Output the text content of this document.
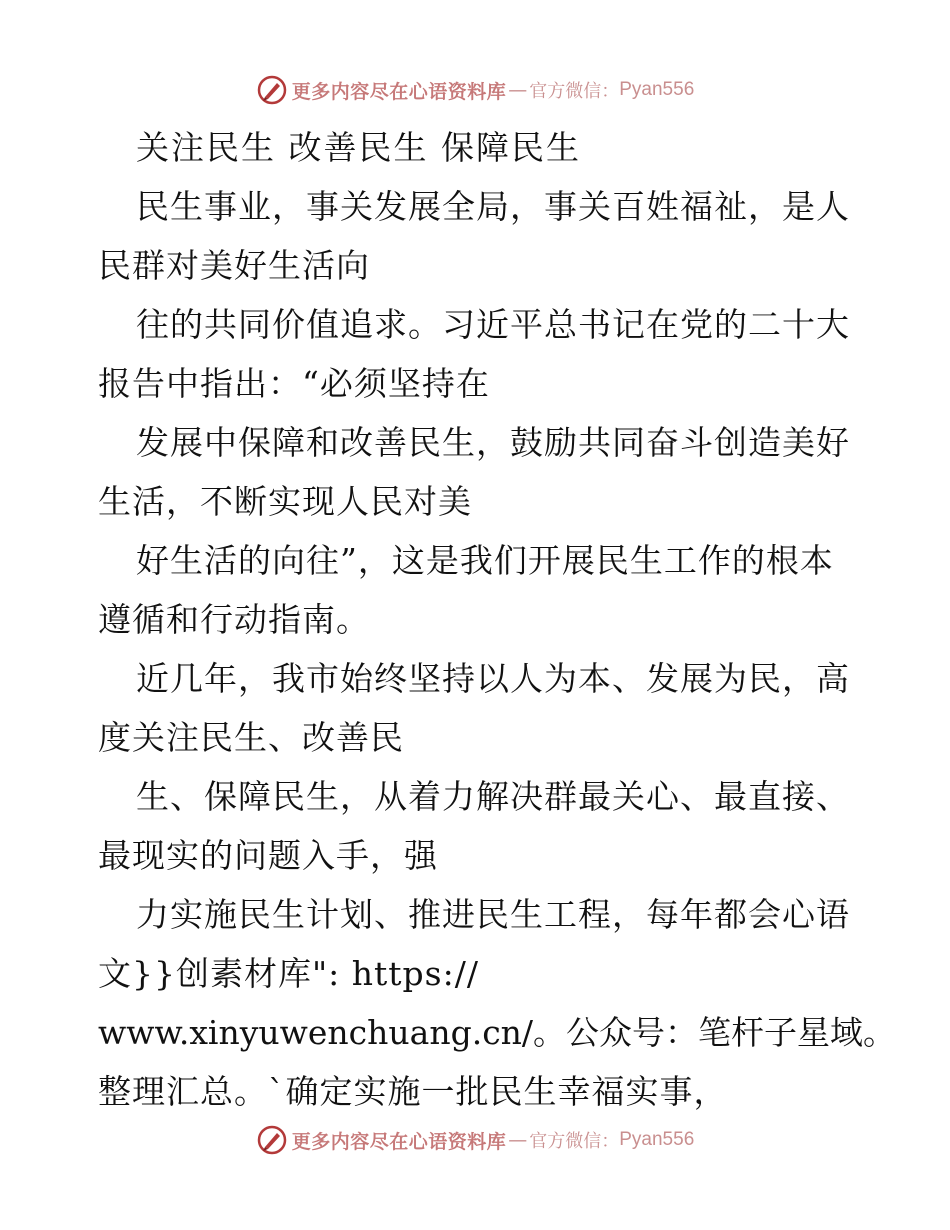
更多内容尽在心语资料库 — 官方微信 ： Pyan556
关注民生 改善民生 保障民生
民生事业，事关发展全局，事关百姓福祉，是人
民群对美好生活向
往的共同价值追求。习近平总书记在党的二十大
报告中指出：“必须坚持在
发展中保障和改善民生，鼓励共同奋斗创造美好
生活，不断实现人民对美
好生活的向往”，这是我们开展民生工作的根本
遵循和行动指南。
近几年，我市始终坚持以人为本、发展为民，高
度关注民生、改善民
生、保障民生，从着力解决群最关心、最直接、
最现实的问题入手，强
力实施民生计划、推进民生工程，每年都会心语
文}}创素材库": https://
www.xinyuwenchuang.cn/。公众号：笔杆子星域。
整理汇总。`确定实施一批民生幸福实事，
更多内容尽在心语资料库 — 官方微信 ： Pyan556
